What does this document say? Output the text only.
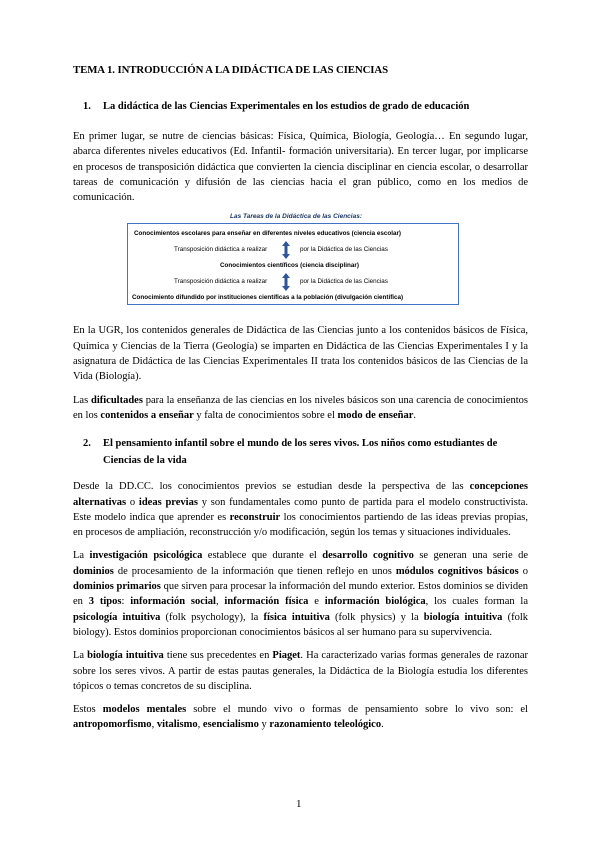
TEMA 1. INTRODUCCIÓN A LA DIDÁCTICA DE LAS CIENCIAS
1.	La didáctica de las Ciencias Experimentales en los estudios de grado de educación
En primer lugar, se nutre de ciencias básicas: Física, Química, Biología, Geología… En segundo lugar, abarca diferentes niveles educativos (Ed. Infantil- formación universitaria). En tercer lugar, por implicarse en procesos de transposición didáctica que convierten la ciencia disciplinar en ciencia escolar, o desarrollar tareas de comunicación y difusión de las ciencias hacia el gran público, como en los medios de comunicación.
Las Tareas de la Didáctica de las Ciencias:
Conocimientos escolares para enseñar en diferentes niveles educativos (ciencia escolar)
Transposición didáctica a realizar	por la Didáctica de las Ciencias
Conocimientos científicos (ciencia disciplinar)
Transposición didáctica a realizar	por la Didáctica de las Ciencias
Conocimiento difundido por instituciones científicas a la población (divulgación científica)
En la UGR, los contenidos generales de Didáctica de las Ciencias junto a los contenidos básicos de Física, Química y Ciencias de la Tierra (Geología) se imparten en Didáctica de las Ciencias Experimentales I y la asignatura de Didáctica de las Ciencias Experimentales II trata los contenidos básicos de las Ciencias de la Vida (Biología).
Las dificultades para la enseñanza de las ciencias en los niveles básicos son una carencia de conocimientos en los contenidos a enseñar y falta de conocimientos sobre el modo de enseñar.
2.	El pensamiento infantil sobre el mundo de los seres vivos. Los niños como estudiantes de Ciencias de la vida
Desde la DD.CC. los conocimientos previos se estudian desde la perspectiva de las concepciones alternativas o ideas previas y son fundamentales como punto de partida para el modelo constructivista. Este modelo indica que aprender es reconstruir los conocimientos partiendo de las ideas previas propias, en procesos de ampliación, reconstrucción y/o modificación, según los temas y situaciones individuales.
La investigación psicológica establece que durante el desarrollo cognitivo se generan una serie de dominios de procesamiento de la información que tienen reflejo en unos módulos cognitivos básicos o dominios primarios que sirven para procesar la información del mundo exterior. Estos dominios se dividen en 3 tipos: información social, información física e información biológica, los cuales forman la psicología intuitiva (folk psychology), la física intuitiva (folk physics) y la biología intuitiva (folk biology). Estos dominios proporcionan conocimientos básicos al ser humano para su supervivencia.
La biología intuitiva tiene sus precedentes en Piaget. Ha caracterizado varias formas generales de razonar sobre los seres vivos. A partir de estas pautas generales, la Didáctica de la Biología estudia los diferentes tópicos o temas concretos de su disciplina.
Estos modelos mentales sobre el mundo vivo o formas de pensamiento sobre lo vivo son: el antropomorfismo, vitalismo, esencialismo y razonamiento teleológico.
1
